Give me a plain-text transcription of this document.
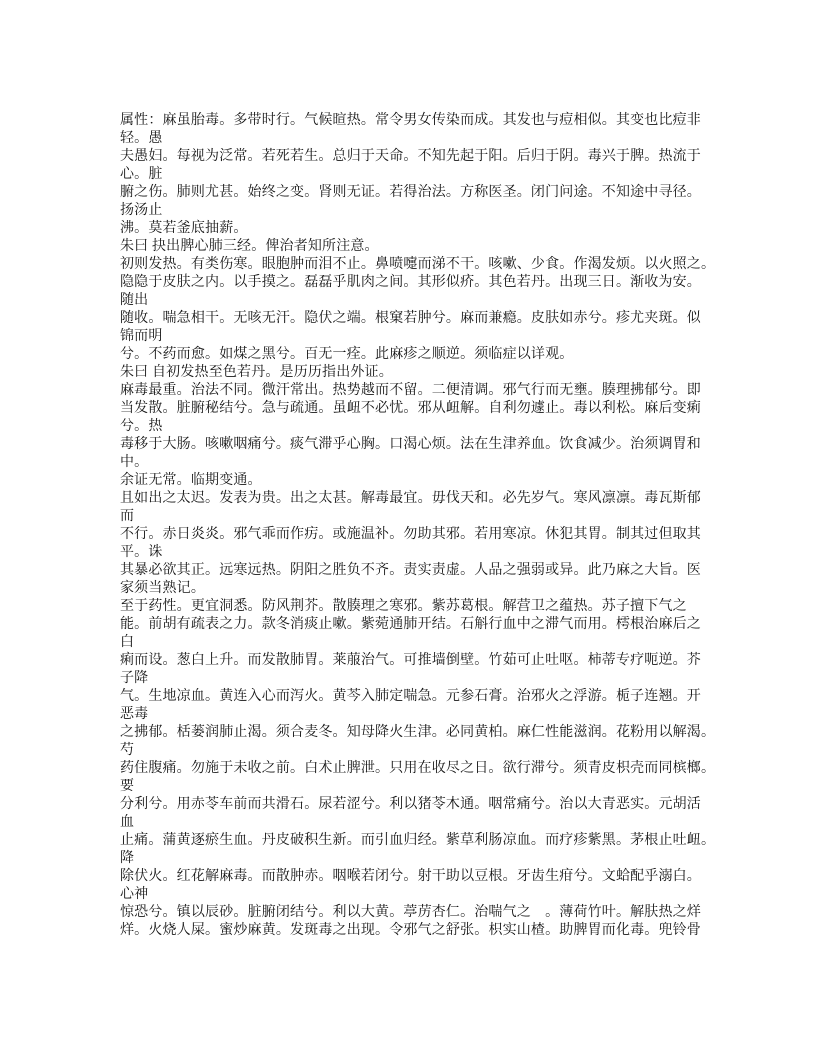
属性：麻虽胎毒。多带时行。气候暄热。常令男女传染而成。其发也与痘相似。其变也比痘非
轻。愚
夫愚妇。每视为泛常。若死若生。总归于天命。不知先起于阳。后归于阴。毒兴于脾。热流于
心。脏
腑之伤。肺则尤甚。始终之变。肾则无证。若得治法。方称医圣。闭门问途。不知途中寻径。
扬汤止
沸。莫若釜底抽薪。
朱曰 抉出脾心肺三经。俾治者知所注意。
初则发热。有类伤寒。眼胞肿而泪不止。鼻喷嚏而涕不干。咳嗽、少食。作渴发烦。以火照之。
隐隐于皮肤之内。以手摸之。磊磊乎肌肉之间。其形似疥。其色若丹。出现三日。渐收为安。
随出
随收。喘急相干。无咳无汗。隐伏之端。根窠若肿兮。麻而兼瘾。皮肤如赤兮。疹尤夹斑。似
锦而明
兮。不药而愈。如煤之黑兮。百无一痊。此麻疹之顺逆。须临症以详观。
朱曰 自初发热至色若丹。是历历指出外证。
麻毒最重。治法不同。微汗常出。热势越而不留。二便清调。邪气行而无壅。腠理拂郁兮。即
当发散。脏腑秘结兮。急与疏通。虽衄不必忧。邪从衄解。自利勿遽止。毒以利松。麻后变痢
兮。热
毒移于大肠。咳嗽咽痛兮。痰气滞乎心胸。口渴心烦。法在生津养血。饮食减少。治须调胃和
中。
余证无常。临期变通。
且如出之太迟。发表为贵。出之太甚。解毒最宜。毋伐天和。必先岁气。寒风凛凛。毒瓦斯郁
而
不行。赤日炎炎。邪气乖而作疠。或施温补。勿助其邪。若用寒凉。休犯其胃。制其过但取其
平。诛
其暴必欲其正。远寒远热。阴阳之胜负不齐。责实责虚。人品之强弱或异。此乃麻之大旨。医
家须当熟记。
至于药性。更宜洞悉。防风荆芥。散腠理之寒邪。紫苏葛根。解营卫之蕴热。苏子擅下气之
能。前胡有疏表之力。款冬消痰止嗽。紫菀通肺开结。石斛行血中之滞气而用。樗根治麻后之
白
痢而设。葱白上升。而发散肺胃。莱菔治气。可推墙倒壁。竹茹可止吐呕。柿蒂专疗呃逆。芥
子降
气。生地凉血。黄连入心而泻火。黄芩入肺定喘急。元参石膏。治邪火之浮游。栀子连翘。开
恶毒
之拂郁。栝蒌润肺止渴。须合麦冬。知母降火生津。必同黄柏。麻仁性能滋润。花粉用以解渴。
芍
药住腹痛。勿施于未收之前。白术止脾泄。只用在收尽之日。欲行滞兮。须青皮枳壳而同槟榔。
要
分利兮。用赤苓车前而共滑石。尿若涩兮。利以猪苓木通。咽常痛兮。治以大青恶实。元胡活
血
止痛。蒲黄逐瘀生血。丹皮破积生新。而引血归经。紫草利肠凉血。而疗疹紫黑。茅根止吐衄。
降
除伏火。红花解麻毒。而散肿赤。咽喉若闭兮。射干助以豆根。牙齿生疳兮。文蛤配乎溺白。
心神
惊恐兮。镇以辰砂。脏腑闭结兮。利以大黄。葶苈杏仁。治喘气之　。薄荷竹叶。解肤热之烊
烊。火烧人屎。蜜炒麻黄。发斑毒之出现。令邪气之舒张。枳实山楂。助脾胃而化毒。兜铃骨
